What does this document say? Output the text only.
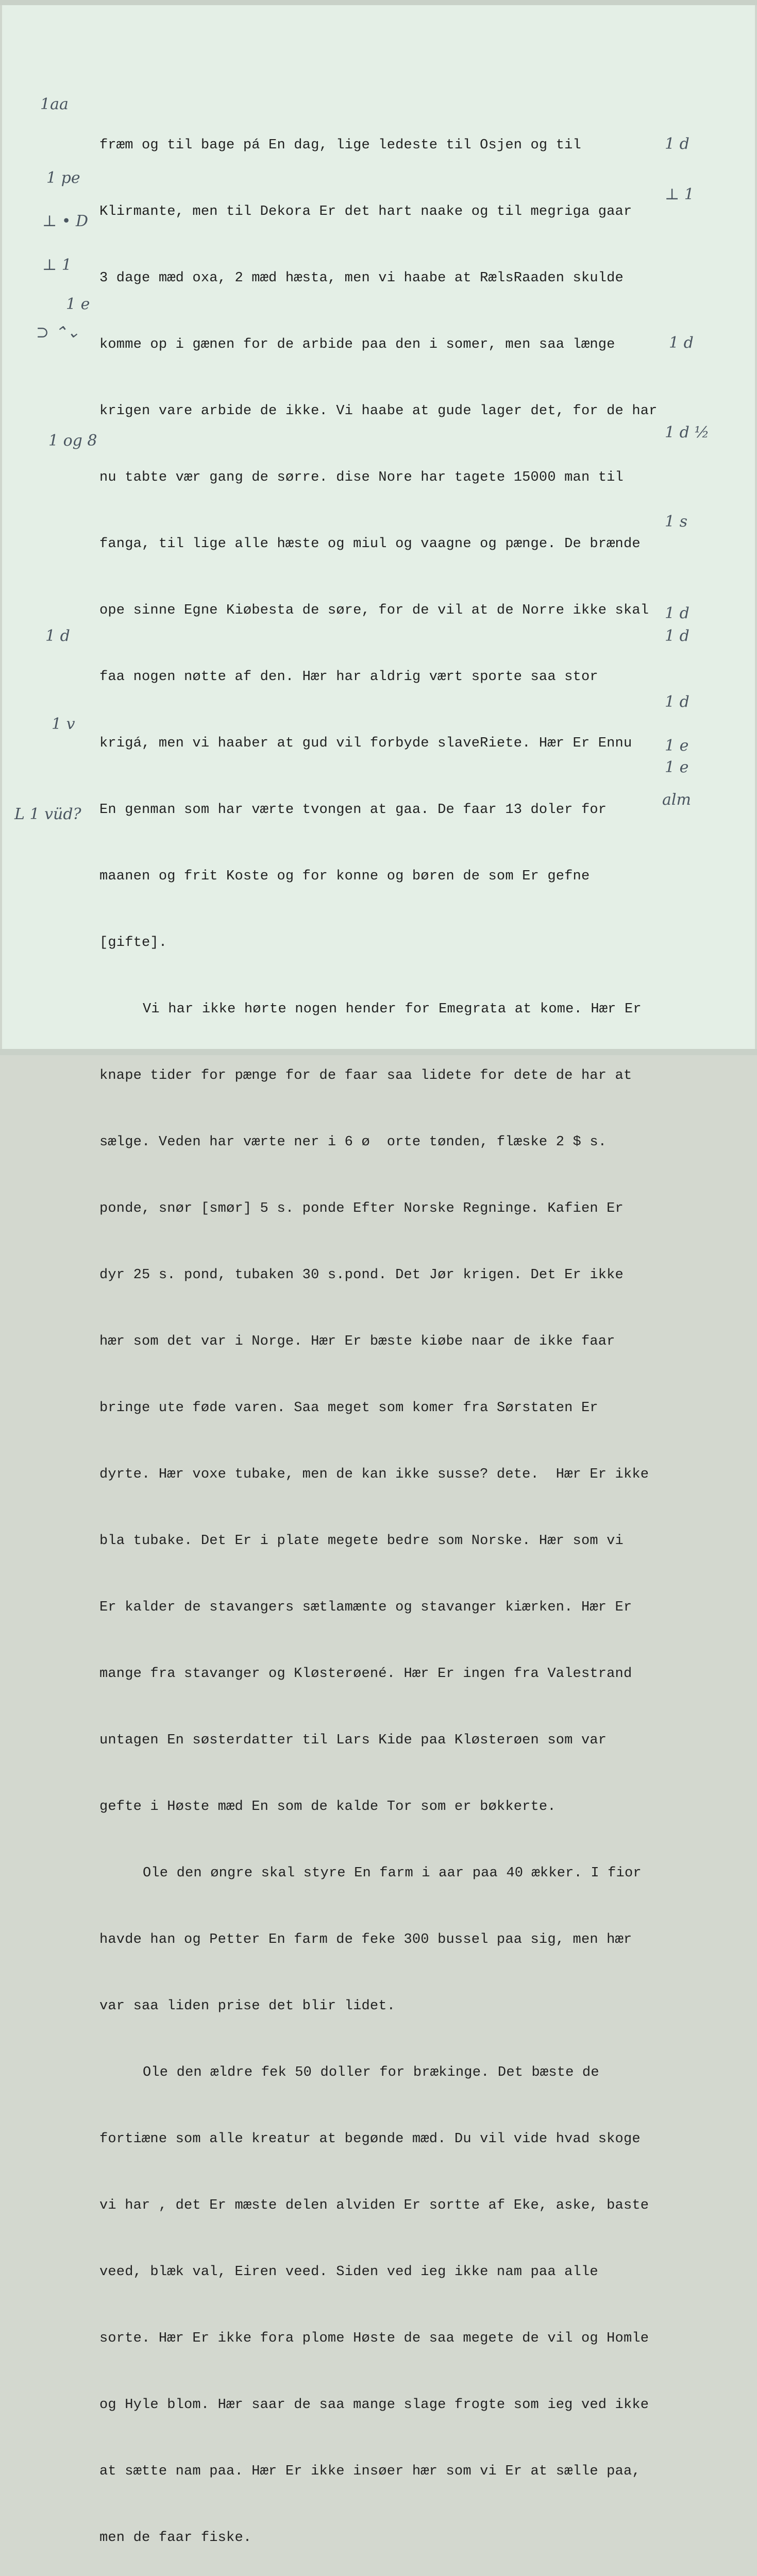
fræm og til bage pá En dag, lige ledeste til Osjen og til

Klirmante, men til Dekora Er det hart naake og til megriga gaar

3 dage mæd oxa, 2 mæd hæsta, men vi haabe at RælsRaaden skulde

komme op i gænen for de arbide paa den i somer, men saa længe

krigen vare arbide de ikke. Vi haabe at gude lager det, for de har

nu tabte vær gang de sørre. dise Nore har tagete 15000 man til

fanga, til lige alle hæste og miul og vaagne og pænge. De brænde

ope sinne Egne Kiøbesta de søre, for de vil at de Norre ikke skal

faa nogen nøtte af den. Hær har aldrig vært sporte saa stor

krigá, men vi haaber at gud vil forbyde slaveRiete. Hær Er Ennu

En genman som har værte tvongen at gaa. De faar 13 doler for

maanen og frit Koste og for konne og børen de som Er gefne

[gifte].

Vi har ikke hørte nogen hender for Emegrata at kome. Hær Er

knape tider for pænge for de faar saa lidete for dete de har at

sælge. Veden har værte ner i 6 ø  orte tønden, flæske 2 $ s.

ponde, snør [smør] 5 s. ponde Efter Norske Regninge. Kafien Er

dyr 25 s. pond, tubaken 30 s.pond. Det Jør krigen. Det Er ikke

hær som det var i Norge. Hær Er bæste kiøbe naar de ikke faar

bringe ute føde varen. Saa meget som komer fra Sørstaten Er

dyrte. Hær voxe tubake, men de kan ikke susse? dete.  Hær Er ikke

bla tubake. Det Er i plate megete bedre som Norske. Hær som vi

Er kalder de stavangers sætlamænte og stavanger kiærken. Hær Er

mange fra stavanger og Kløsterøené. Hær Er ingen fra Valestrand

untagen En søsterdatter til Lars Kide paa Kløsterøen som var

gefte i Høste mæd En som de kalde Tor som er bøkkerte.

Ole den øngre skal styre En farm i aar paa 40 ækker. I fior

havde han og Petter En farm de feke 300 bussel paa sig, men hær

var saa liden prise det blir lidet.

Ole den ældre fek 50 doller for brækinge. Det bæste de

fortiæne som alle kreatur at begønde mæd. Du vil vide hvad skoge

vi har , det Er mæste delen alviden Er sortte af Eke, aske, baste

veed, blæk val, Eiren veed. Siden ved ieg ikke nam paa alle

sorte. Hær Er ikke fora plome Høste de saa megete de vil og Homle

og Hyle blom. Hær saar de saa mange slage frogte som ieg ved ikke

at sætte nam paa. Hær Er ikke insøer hær som vi Er at sælle paa,

men de faar fiske.

1aa
1 pe
⊥ • D
⊥ 1
1 e
⊃ ⌃⌄
1 og 8
1 d
1 v
L 1 vüd?
1 d
⊥ 1
1 d
1 d ½
1 s
1 d
1 d
1 d
1 e
1 e
alm
